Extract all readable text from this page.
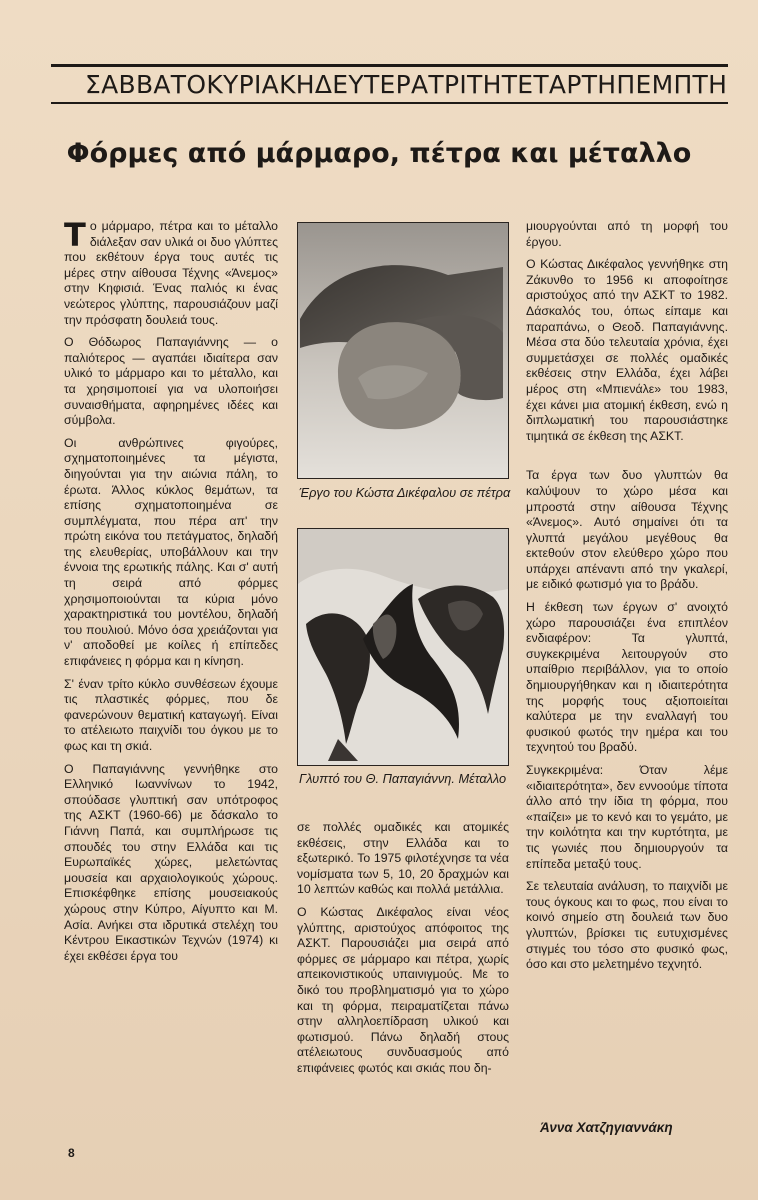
ΣΑΒΒΑΤΟ ΚΥΡΙΑΚΗ ΔΕΥΤΕΡΑ ΤΡΙΤΗ ΤΕΤΑΡΤΗ ΠΕΜΠΤΗ
Φόρμες από μάρμαρο, πέτρα και μέταλλο

Το μάρμαρο, πέτρα και το μέταλλο διάλεξαν σαν υλικά οι δυο γλύπτες που εκθέτουν έργα τους αυτές τις μέρες στην αίθουσα Τέχνης «Άνεμος» στην Κηφισιά. Ένας παλιός κι ένας νεώτερος γλύπτης, παρουσιάζουν μαζί την πρόσφατη δουλειά τους.

Ο Θόδωρος Παπαγιάννης — ο παλιότερος — αγαπάει ιδιαίτερα σαν υλικό το μάρμαρο και το μέταλλο, και τα χρησιμοποιεί για να υλοποιήσει συναισθήματα, αφηρημένες ιδέες και σύμβολα.

Οι ανθρώπινες φιγούρες, σχηματοποιημένες τα μέγιστα, διηγούνται για την αιώνια πάλη, το έρωτα. Άλλος κύκλος θεμάτων, τα επίσης σχηματοποιημένα σε συμπλέγματα, που πέρα απ' την πρώτη εικόνα του πετάγματος, δηλαδή της ελευθερίας, υποβάλλουν και την έννοια της ερωτικής πάλης. Και σ' αυτή τη σειρά από φόρμες χρησιμοποιούνται τα κύρια μόνο χαρακτηριστικά του μοντέλου, δηλαδή του πουλιού. Μόνο όσα χρειάζονται για ν' αποδοθεί με κοίλες ή επίπεδες επιφάνειες η φόρμα και η κίνηση.

Σ' έναν τρίτο κύκλο συνθέσεων έχουμε τις πλαστικές φόρμες, που δε φανερώνουν θεματική καταγωγή. Είναι το ατέλειωτο παιχνίδι του όγκου με το φως και τη σκιά.

Ο Παπαγιάννης γεννήθηκε στο Ελληνικό Ιωαννίνων το 1942, σπούδασε γλυπτική σαν υπότροφος της ΑΣΚΤ (1960-66) με δάσκαλο το Γιάννη Παπά, και συμπλήρωσε τις σπουδές του στην Ελλάδα και τις Ευρωπαϊκές χώρες, μελετώντας μουσεία και αρχαιολογικούς χώρους. Επισκέφθηκε επίσης μουσειακούς χώρους στην Κύπρο, Αίγυπτο και Μ. Ασία. Ανήκει στα ιδρυτικά στελέχη του Κέντρου Εικαστικών Τεχνών (1974) κι έχει εκθέσει έργα του

Έργο του Κώστα Δικέφαλου σε πέτρα
Γλυπτό του Θ. Παπαγιάννη. Μέταλλο

σε πολλές ομαδικές και ατομικές εκθέσεις, στην Ελλάδα και το εξωτερικό. Το 1975 φιλοτέχνησε τα νέα νομίσματα των 5, 10, 20 δραχμών και 10 λεπτών καθώς και πολλά μετάλλια.

Ο Κώστας Δικέφαλος είναι νέος γλύπτης, αριστούχος απόφοιτος της ΑΣΚΤ. Παρουσιάζει μια σειρά από φόρμες σε μάρμαρο και πέτρα, χωρίς απεικονιστικούς υπαινιγμούς. Με το δικό του προβληματισμό για το χώρο και τη φόρμα, πειραματίζεται πάνω στην αλληλοεπίδραση υλικού και φωτισμού. Πάνω δηλαδή στους ατέλειωτους συνδυασμούς από επιφάνειες φωτός και σκιάς που δη-

μιουργούνται από τη μορφή του έργου.

Ο Κώστας Δικέφαλος γεννήθηκε στη Ζάκυνθο το 1956 κι αποφοίτησε αριστούχος από την ΑΣΚΤ το 1982. Δάσκαλός του, όπως είπαμε και παραπάνω, ο Θεοδ. Παπαγιάννης. Μέσα στα δύο τελευταία χρόνια, έχει συμμετάσχει σε πολλές ομαδικές εκθέσεις στην Ελλάδα, έχει λάβει μέρος στη «Μπιενάλε» του 1983, έχει κάνει μια ατομική έκθεση, ενώ η διπλωματική του παρουσιάστηκε τιμητικά σε έκθεση της ΑΣΚΤ.

Τα έργα των δυο γλυπτών θα καλύψουν το χώρο μέσα και μπροστά στην αίθουσα Τέχνης «Άνεμος». Αυτό σημαίνει ότι τα γλυπτά μεγάλου μεγέθους θα εκτεθούν στον ελεύθερο χώρο που υπάρχει απέναντι από την γκαλερί, με ειδικό φωτισμό για το βράδυ.

Η έκθεση των έργων σ' ανοιχτό χώρο παρουσιάζει ένα επιπλέον ενδιαφέρον: Τα γλυπτά, συγκεκριμένα λειτουργούν στο υπαίθριο περιβάλλον, για το οποίο δημιουργήθηκαν και η ιδιαιτερότητα της μορφής τους αξιοποιείται καλύτερα με την εναλλαγή του φυσικού φωτός την ημέρα και του τεχνητού του βραδύ.

Συγκεκριμένα: Όταν λέμε «ιδιαιτερότητα», δεν εννοούμε τίποτα άλλο από την ίδια τη φόρμα, που «παίζει» με το κενό και το γεμάτο, με την κοιλότητα και την κυρτότητα, με τις γωνιές που δημιουργούν τα επίπεδα μεταξύ τους.

Σε τελευταία ανάλυση, το παιχνίδι με τους όγκους και το φως, που είναι το κοινό σημείο στη δουλειά των δυο γλυπτών, βρίσκει τις ευτυχισμένες στιγμές του τόσο στο φυσικό φως, όσο και στο μελετημένο τεχνητό.

Άννα Χατζηγιαννάκη
8
